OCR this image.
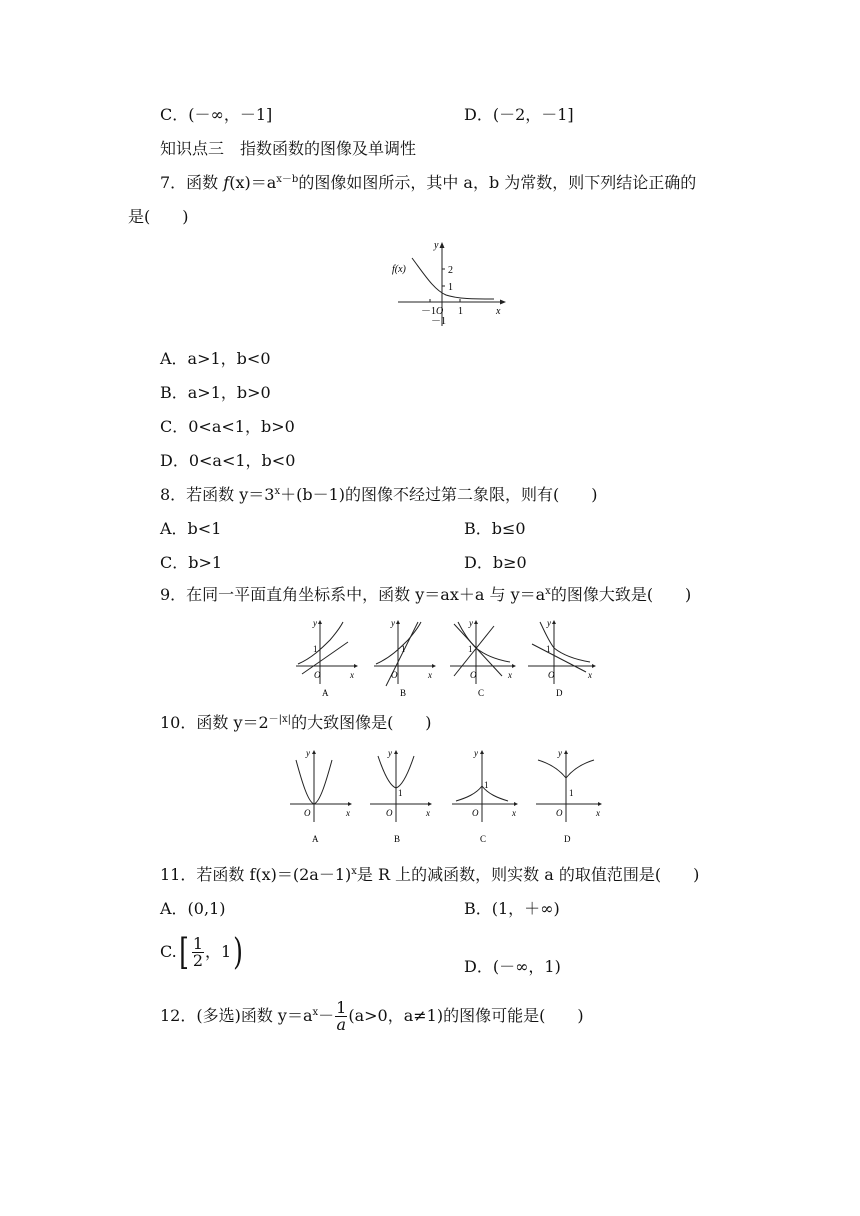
C．(－∞，－1]	D．(－2，－1]
知识点三　指数函数的图像及单调性
7．函数 $f(x)=a^{x-b}$的图像如图所示，其中 a，b 为常数，则下列结论正确的
是(　　)
f(x)
y
x
2
1
－1 O 1
－1
A．a>1，b<0
B．a>1，b>0
C．0<a<1，b>0
D．0<a<1，b<0
8．若函数 $y=3^x+(b-1)$的图像不经过第二象限，则有(　　)
A．b<1	B．b≤0
C．b>1	D．b≥0
9．在同一平面直角坐标系中，函数 y＝ax＋a 与 $y=a^x$的图像大致是(　　)
y
x
1
O
A
y
x
1
O
B
y
x
1
O
C
y
x
1
O
D
10．函数 $y=2^{-|x|}$的大致图像是(　　)
y
x
O
A
y
x
1
O
B
y
x
1
O
C
y
x
1
O
D
11．若函数 $f(x)=(2a-1)^x$是 R 上的减函数，则实数 a 的取值范围是(　　)
A．(0,1)	B．(1，＋∞)
$C.[ \frac{1}{2}$ ，1)	D．(－∞，1)
12．(多选)函数 $y=a^x- \frac{1}{a} (a>0$，a≠1)的图像可能是(　　)
